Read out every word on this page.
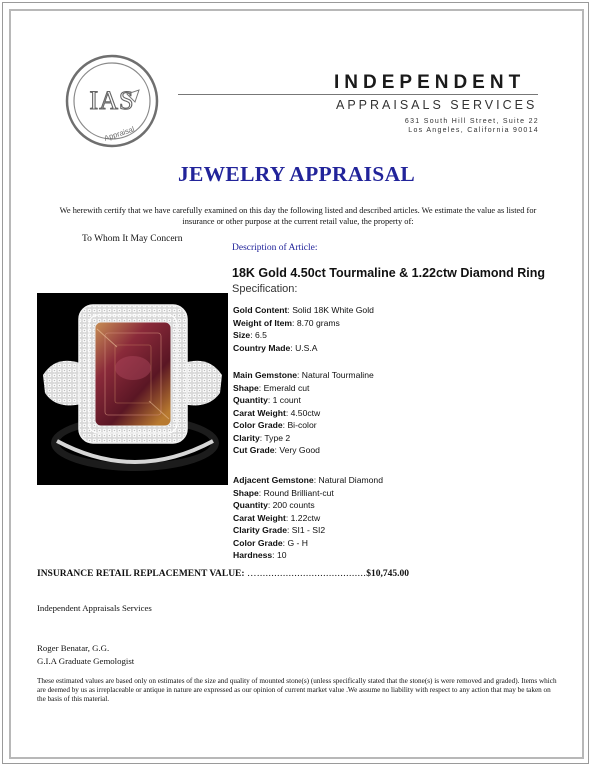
IAS
Appraisal
INDEPENDENT
APPRAISALS SERVICES
631 South Hill Street, Suite 22
Los Angeles, California 90014
JEWELRY APPRAISAL
We herewith certify that we have carefully examined on this day the following listed and described articles. We estimate the value as listed for insurance or other purpose at the current retail value, the property of:
To Whom It May Concern
Description of Article:
18K Gold 4.50ct Tourmaline & 1.22ctw Diamond Ring
Specification:
Gold Content: Solid 18K White Gold
Weight of Item: 8.70 grams
Size: 6.5
Country Made: U.S.A
Main Gemstone: Natural Tourmaline
Shape: Emerald cut
Quantity: 1 count
Carat Weight: 4.50ctw
Color Grade: Bi-color
Clarity: Type 2
Cut Grade: Very Good
Adjacent Gemstone: Natural Diamond
Shape: Round Brilliant-cut
Quantity: 200 counts
Carat Weight: 1.22ctw
Clarity Grade: SI1 - SI2
Color Grade: G - H
Hardness: 10
INSURANCE RETAIL REPLACEMENT VALUE: …......................................$10,745.00
Independent Appraisals Services
Roger Benatar, G.G.
G.I.A Graduate Gemologist
These estimated values are based only on estimates of the size and quality of mounted stone(s) (unless specifically stated that the stone(s) is were removed and graded). Items which are deemed by us as irreplaceable or antique in nature are expressed as our opinion of current market value .We assume no liability with respect to any action that may be taken on the basis of this material.
